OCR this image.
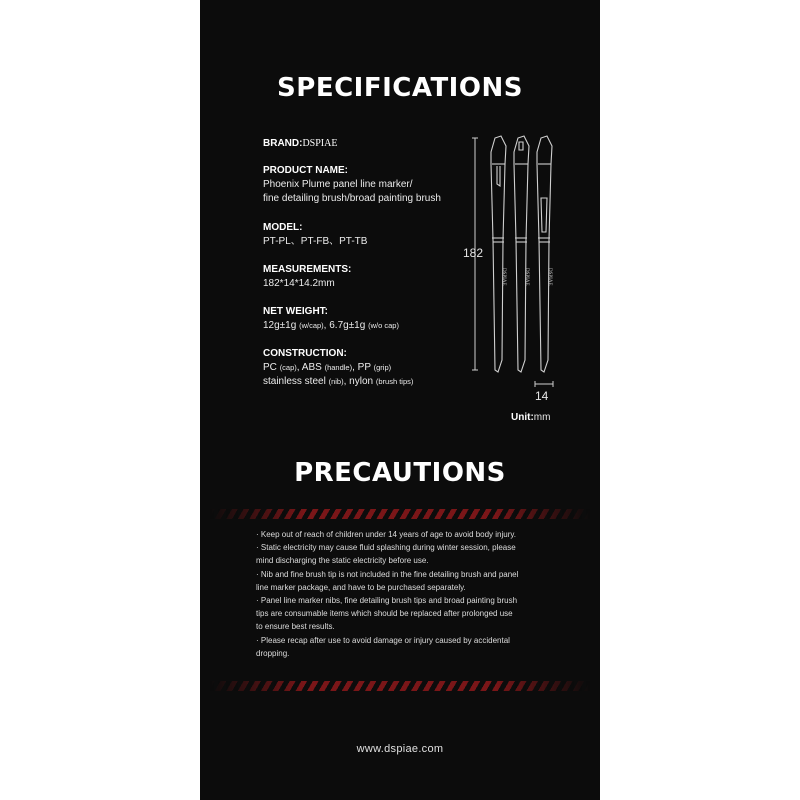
SPECIFICATIONS
BRAND:DSPIAE
PRODUCT NAME:
Phoenix Plume panel line marker/
fine detailing brush/broad painting brush
MODEL:
PT-PL、PT-FB、PT-TB
MEASUREMENTS:
182*14*14.2mm
NET WEIGHT:
12g±1g (w/cap), 6.7g±1g (w/o cap)
CONSTRUCTION:
PC (cap), ABS (handle), PP (grip)
stainless steel (nib), nylon (brush tips)
DSPIAE	DSPIAE	DSPIAE
182
14
Unit:mm
PRECAUTIONS
· Keep out of reach of children under 14 years of age to avoid body injury.
· Static electricity may cause fluid splashing during winter session, please
mind discharging the static electricity before use.
· Nib and fine brush tip is not included in the fine detailing brush and panel
line marker package, and have to be purchased separately.
· Panel line marker nibs, fine detailing brush tips and broad painting brush
tips are consumable items which should be replaced after prolonged use
to ensure best results.
· Please recap after use to avoid damage or injury caused by accidental
dropping.
www.dspiae.com
